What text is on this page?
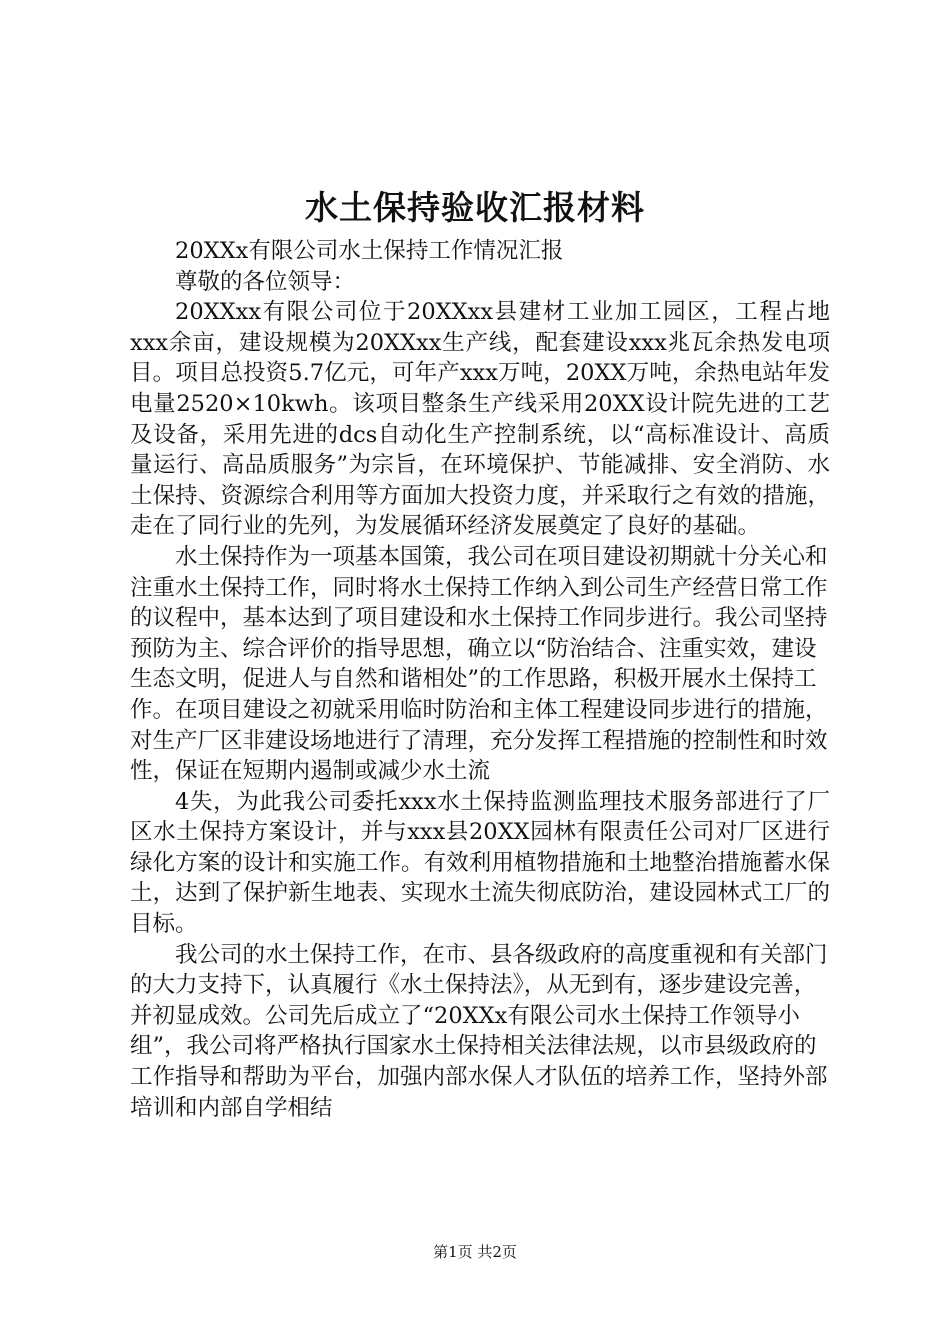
水土保持验收汇报材料

20XXx有限公司水土保持工作情况汇报

尊敬的各位领导：

20XXxx有限公司位于20XXxx县建材工业加工园区，工程占地xxx余亩，建设规模为20XXxx生产线，配套建设xxx兆瓦余热发电项目。项目总投资5.7亿元，可年产xxx万吨，20XX万吨，余热电站年发电量2520×10kwh。该项目整条生产线采用20XX设计院先进的工艺及设备，采用先进的dcs自动化生产控制系统，以“高标准设计、高质量运行、高品质服务”为宗旨，在环境保护、节能减排、安全消防、水土保持、资源综合利用等方面加大投资力度，并采取行之有效的措施，走在了同行业的先列，为发展循环经济发展奠定了良好的基础。

水土保持作为一项基本国策，我公司在项目建设初期就十分关心和注重水土保持工作，同时将水土保持工作纳入到公司生产经营日常工作的议程中，基本达到了项目建设和水土保持工作同步进行。我公司坚持预防为主、综合评价的指导思想，确立以“防治结合、注重实效，建设生态文明，促进人与自然和谐相处”的工作思路，积极开展水土保持工作。在项目建设之初就采用临时防治和主体工程建设同步进行的措施，对生产厂区非建设场地进行了清理，充分发挥工程措施的控制性和时效性，保证在短期内遏制或减少水土流

4失，为此我公司委托xxx水土保持监测监理技术服务部进行了厂区水土保持方案设计，并与xxx县20XX园林有限责任公司对厂区进行绿化方案的设计和实施工作。有效利用植物措施和土地整治措施蓄水保土，达到了保护新生地表、实现水土流失彻底防治，建设园林式工厂的目标。

我公司的水土保持工作，在市、县各级政府的高度重视和有关部门的大力支持下，认真履行《水土保持法》，从无到有，逐步建设完善，并初显成效。公司先后成立了“20XXx有限公司水土保持工作领导小组”，我公司将严格执行国家水土保持相关法律法规，以市县级政府的工作指导和帮助为平台，加强内部水保人才队伍的培养工作，坚持外部培训和内部自学相结

第1页 共2页
